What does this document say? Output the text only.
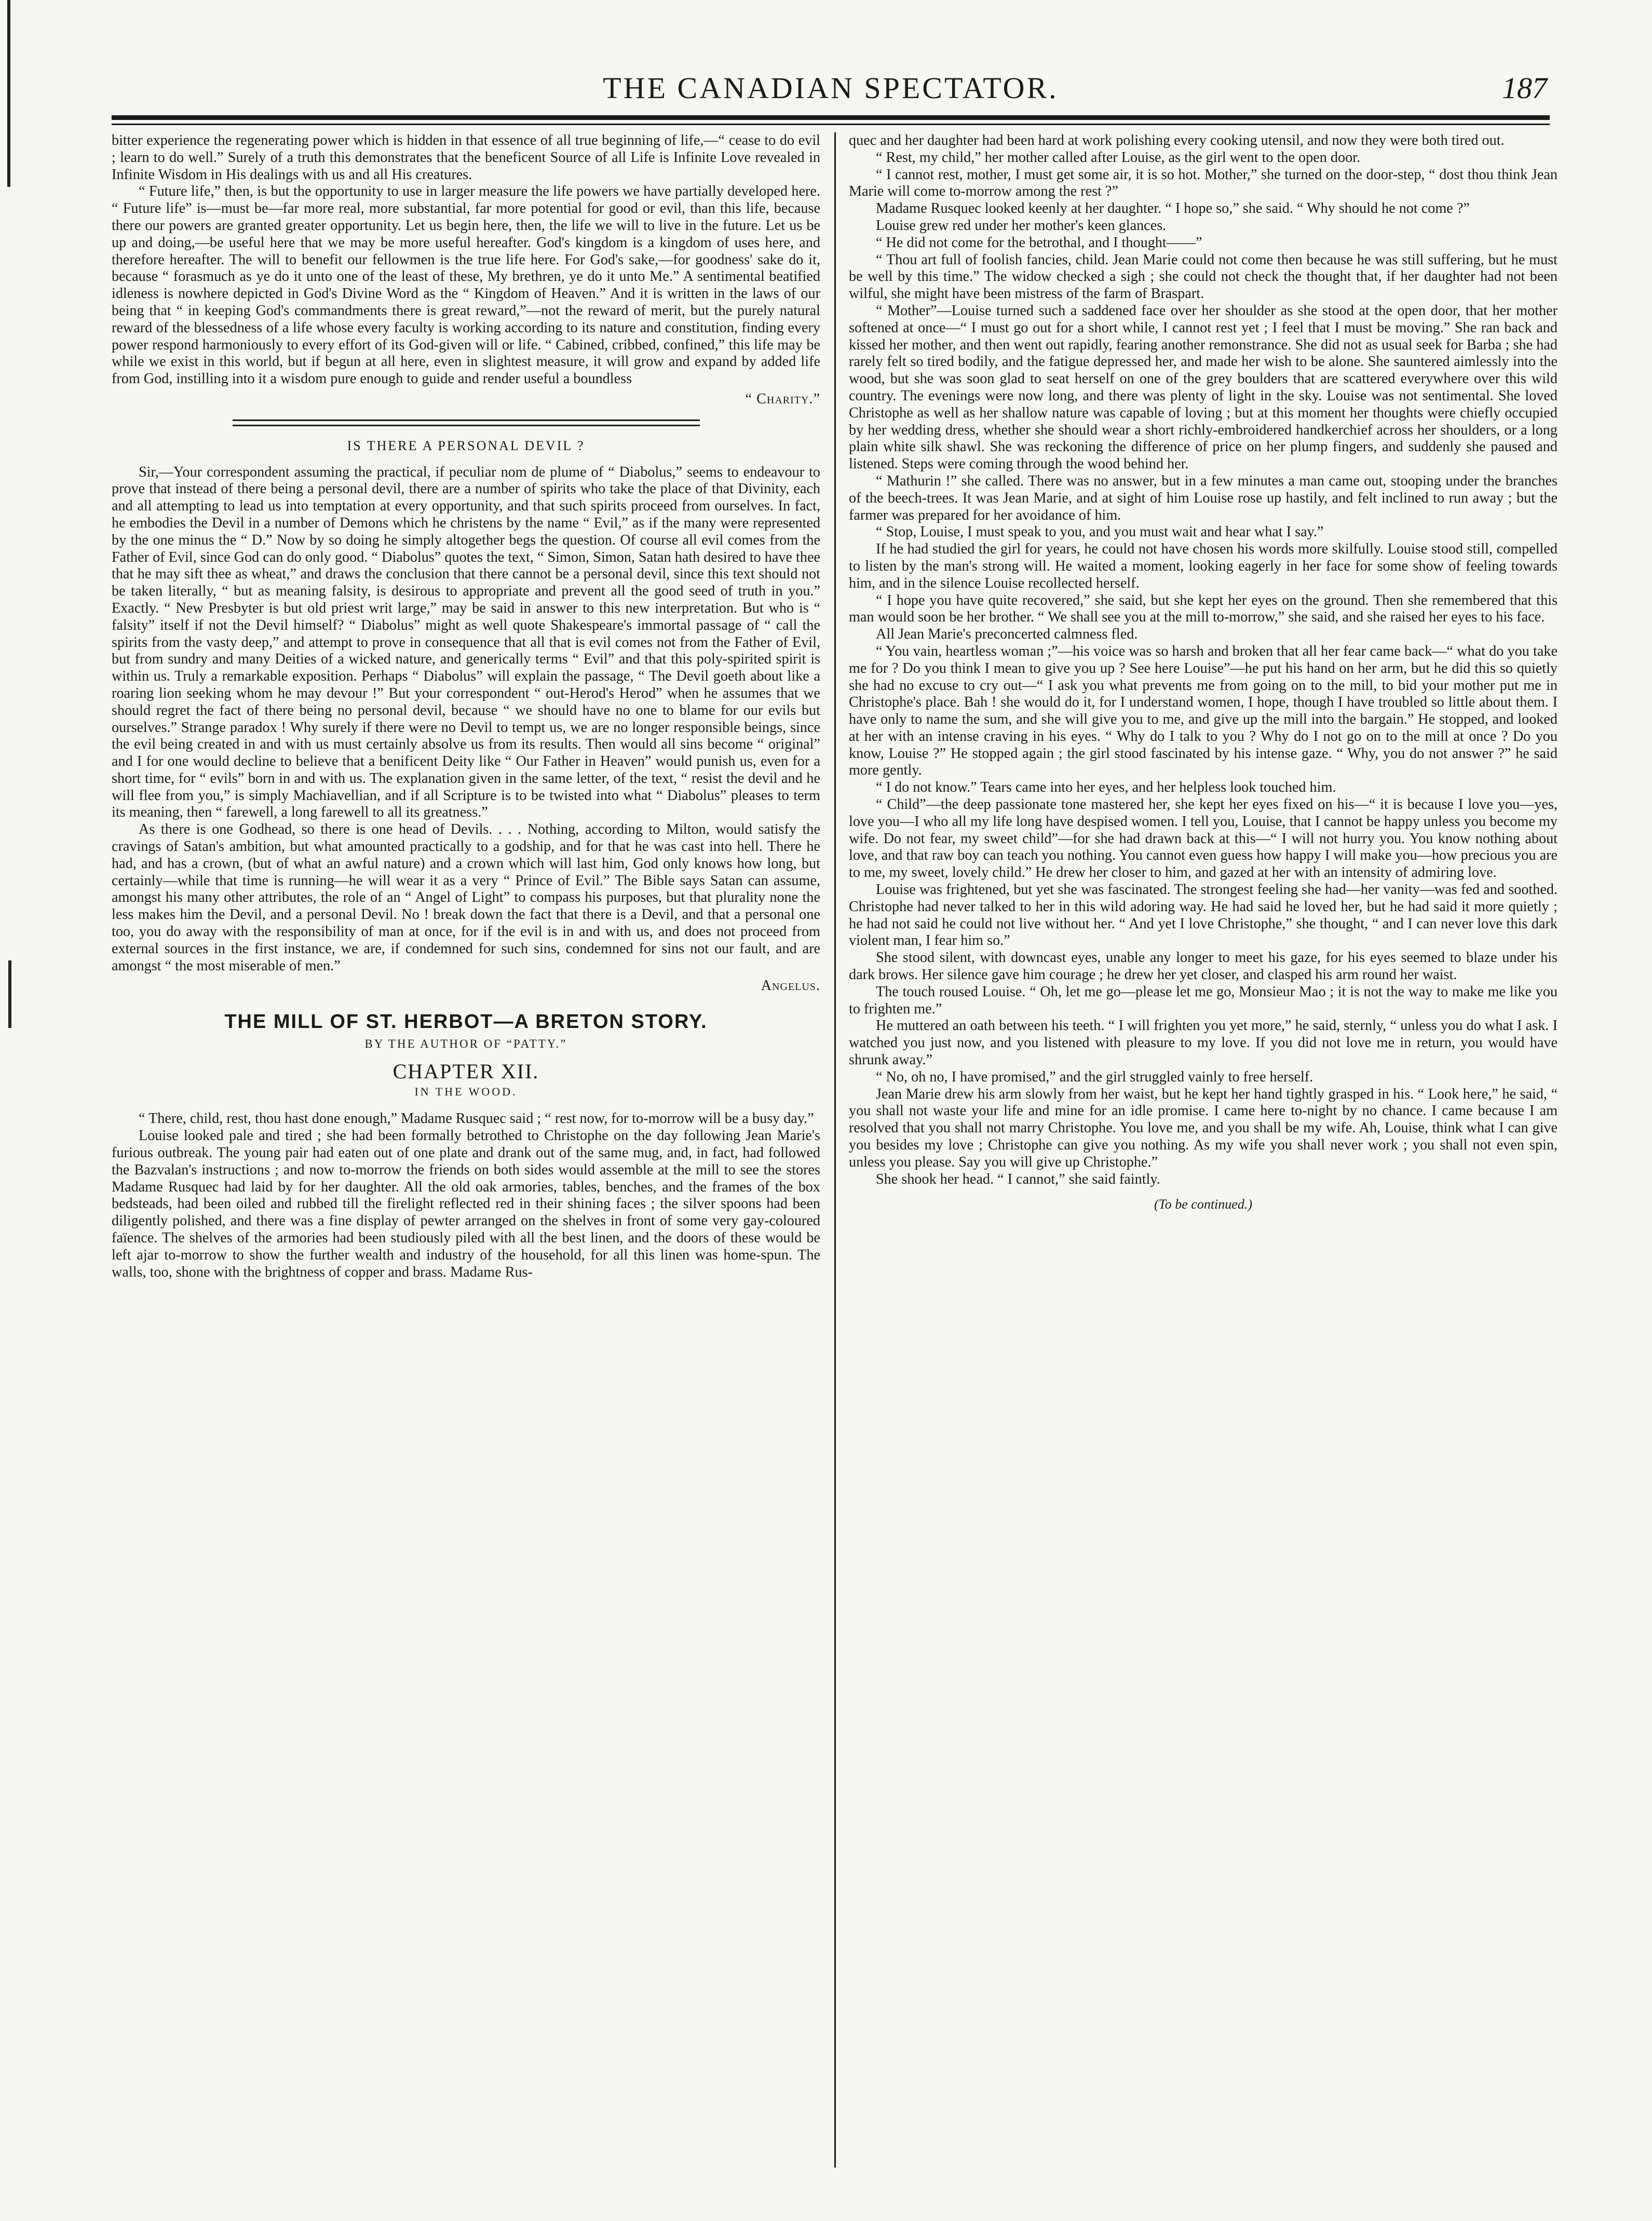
THE CANADIAN SPECTATOR.	187

bitter experience the regenerating power which is hidden in that essence of all true beginning of life,—“ cease to do evil ; learn to do well.” Surely of a truth this demonstrates that the beneficent Source of all Life is Infinite Love revealed in Infinite Wisdom in His dealings with us and all His creatures.

“ Future life,” then, is but the opportunity to use in larger measure the life powers we have partially developed here. “ Future life” is—must be—far more real, more substantial, far more potential for good or evil, than this life, because there our powers are granted greater opportunity. Let us begin here, then, the life we will to live in the future. Let us be up and doing,—be useful here that we may be more useful hereafter. God's kingdom is a kingdom of uses here, and therefore hereafter. The will to benefit our fellowmen is the true life here. For God's sake,—for goodness' sake do it, because “ forasmuch as ye do it unto one of the least of these, My brethren, ye do it unto Me.” A sentimental beatified idleness is nowhere depicted in God's Divine Word as the “ Kingdom of Heaven.” And it is written in the laws of our being that “ in keeping God's commandments there is great reward,”—not the reward of merit, but the purely natural reward of the blessedness of a life whose every faculty is working according to its nature and constitution, finding every power respond harmoniously to every effort of its God-given will or life. “ Cabined, cribbed, confined,” this life may be while we exist in this world, but if begun at all here, even in slightest measure, it will grow and expand by added life from God, instilling into it a wisdom pure enough to guide and render useful a boundless

“ Charity.”

IS THERE A PERSONAL DEVIL ?

Sir,—Your correspondent assuming the practical, if peculiar nom de plume of “ Diabolus,” seems to endeavour to prove that instead of there being a personal devil, there are a number of spirits who take the place of that Divinity, each and all attempting to lead us into temptation at every opportunity, and that such spirits proceed from ourselves. In fact, he embodies the Devil in a number of Demons which he christens by the name “ Evil,” as if the many were represented by the one minus the “ D.” Now by so doing he simply altogether begs the question. Of course all evil comes from the Father of Evil, since God can do only good. “ Diabolus” quotes the text, “ Simon, Simon, Satan hath desired to have thee that he may sift thee as wheat,” and draws the conclusion that there cannot be a personal devil, since this text should not be taken literally, “ but as meaning falsity, is desirous to appropriate and prevent all the good seed of truth in you.” Exactly. “ New Presbyter is but old priest writ large,” may be said in answer to this new interpretation. But who is “ falsity” itself if not the Devil himself? “ Diabolus” might as well quote Shakespeare's immortal passage of “ call the spirits from the vasty deep,” and attempt to prove in consequence that all that is evil comes not from the Father of Evil, but from sundry and many Deities of a wicked nature, and generically terms “ Evil” and that this poly-spirited spirit is within us. Truly a remarkable exposition. Perhaps “ Diabolus” will explain the passage, “ The Devil goeth about like a roaring lion seeking whom he may devour !” But your correspondent “ out-Herod's Herod” when he assumes that we should regret the fact of there being no personal devil, because “ we should have no one to blame for our evils but ourselves.” Strange paradox ! Why surely if there were no Devil to tempt us, we are no longer responsible beings, since the evil being created in and with us must certainly absolve us from its results. Then would all sins become “ original” and I for one would decline to believe that a benificent Deity like “ Our Father in Heaven” would punish us, even for a short time, for “ evils” born in and with us. The explanation given in the same letter, of the text, “ resist the devil and he will flee from you,” is simply Machiavellian, and if all Scripture is to be twisted into what “ Diabolus” pleases to term its meaning, then “ farewell, a long farewell to all its greatness.”

As there is one Godhead, so there is one head of Devils. . . . Nothing, according to Milton, would satisfy the cravings of Satan's ambition, but what amounted practically to a godship, and for that he was cast into hell. There he had, and has a crown, (but of what an awful nature) and a crown which will last him, God only knows how long, but certainly—while that time is running—he will wear it as a very “ Prince of Evil.” The Bible says Satan can assume, amongst his many other attributes, the role of an “ Angel of Light” to compass his purposes, but that plurality none the less makes him the Devil, and a personal Devil. No ! break down the fact that there is a Devil, and that a personal one too, you do away with the responsibility of man at once, for if the evil is in and with us, and does not proceed from external sources in the first instance, we are, if condemned for such sins, condemned for sins not our fault, and are amongst “ the most miserable of men.”

Angelus.

THE MILL OF ST. HERBOT—A BRETON STORY.
BY THE AUTHOR OF “PATTY.”
CHAPTER XII.
IN THE WOOD.

“ There, child, rest, thou hast done enough,” Madame Rusquec said ; “ rest now, for to-morrow will be a busy day.”

Louise looked pale and tired ; she had been formally betrothed to Christophe on the day following Jean Marie's furious outbreak. The young pair had eaten out of one plate and drank out of the same mug, and, in fact, had followed the Bazvalan's instructions ; and now to-morrow the friends on both sides would assemble at the mill to see the stores Madame Rusquec had laid by for her daughter. All the old oak armories, tables, benches, and the frames of the box bedsteads, had been oiled and rubbed till the firelight reflected red in their shining faces ; the silver spoons had been diligently polished, and there was a fine display of pewter arranged on the shelves in front of some very gay-coloured faïence. The shelves of the armories had been studiously piled with all the best linen, and the doors of these would be left ajar to-morrow to show the further wealth and industry of the household, for all this linen was home-spun. The walls, too, shone with the brightness of copper and brass. Madame Rus-

quec and her daughter had been hard at work polishing every cooking utensil, and now they were both tired out.

“ Rest, my child,” her mother called after Louise, as the girl went to the open door.

“ I cannot rest, mother, I must get some air, it is so hot. Mother,” she turned on the door-step, “ dost thou think Jean Marie will come to-morrow among the rest ?”

Madame Rusquec looked keenly at her daughter. “ I hope so,” she said. “ Why should he not come ?”

Louise grew red under her mother's keen glances.

“ He did not come for the betrothal, and I thought——”

“ Thou art full of foolish fancies, child. Jean Marie could not come then because he was still suffering, but he must be well by this time.” The widow checked a sigh ; she could not check the thought that, if her daughter had not been wilful, she might have been mistress of the farm of Braspart.

“ Mother”—Louise turned such a saddened face over her shoulder as she stood at the open door, that her mother softened at once—“ I must go out for a short while, I cannot rest yet ; I feel that I must be moving.” She ran back and kissed her mother, and then went out rapidly, fearing another remonstrance. She did not as usual seek for Barba ; she had rarely felt so tired bodily, and the fatigue depressed her, and made her wish to be alone. She sauntered aimlessly into the wood, but she was soon glad to seat herself on one of the grey boulders that are scattered everywhere over this wild country. The evenings were now long, and there was plenty of light in the sky. Louise was not sentimental. She loved Christophe as well as her shallow nature was capable of loving ; but at this moment her thoughts were chiefly occupied by her wedding dress, whether she should wear a short richly-embroidered handkerchief across her shoulders, or a long plain white silk shawl. She was reckoning the difference of price on her plump fingers, and suddenly she paused and listened. Steps were coming through the wood behind her.

“ Mathurin !” she called. There was no answer, but in a few minutes a man came out, stooping under the branches of the beech-trees. It was Jean Marie, and at sight of him Louise rose up hastily, and felt inclined to run away ; but the farmer was prepared for her avoidance of him.

“ Stop, Louise, I must speak to you, and you must wait and hear what I say.”

If he had studied the girl for years, he could not have chosen his words more skilfully. Louise stood still, compelled to listen by the man's strong will. He waited a moment, looking eagerly in her face for some show of feeling towards him, and in the silence Louise recollected herself.

“ I hope you have quite recovered,” she said, but she kept her eyes on the ground. Then she remembered that this man would soon be her brother. “ We shall see you at the mill to-morrow,” she said, and she raised her eyes to his face.

All Jean Marie's preconcerted calmness fled.

“ You vain, heartless woman ;”—his voice was so harsh and broken that all her fear came back—“ what do you take me for ? Do you think I mean to give you up ? See here Louise”—he put his hand on her arm, but he did this so quietly she had no excuse to cry out—“ I ask you what prevents me from going on to the mill, to bid your mother put me in Christophe's place. Bah ! she would do it, for I understand women, I hope, though I have troubled so little about them. I have only to name the sum, and she will give you to me, and give up the mill into the bargain.” He stopped, and looked at her with an intense craving in his eyes. “ Why do I talk to you ? Why do I not go on to the mill at once ? Do you know, Louise ?” He stopped again ; the girl stood fascinated by his intense gaze. “ Why, you do not answer ?” he said more gently.

“ I do not know.” Tears came into her eyes, and her helpless look touched him.

“ Child”—the deep passionate tone mastered her, she kept her eyes fixed on his—“ it is because I love you—yes, love you—I who all my life long have despised women. I tell you, Louise, that I cannot be happy unless you become my wife. Do not fear, my sweet child”—for she had drawn back at this—“ I will not hurry you. You know nothing about love, and that raw boy can teach you nothing. You cannot even guess how happy I will make you—how precious you are to me, my sweet, lovely child.” He drew her closer to him, and gazed at her with an intensity of admiring love.

Louise was frightened, but yet she was fascinated. The strongest feeling she had—her vanity—was fed and soothed. Christophe had never talked to her in this wild adoring way. He had said he loved her, but he had said it more quietly ; he had not said he could not live without her. “ And yet I love Christophe,” she thought, “ and I can never love this dark violent man, I fear him so.”

She stood silent, with downcast eyes, unable any longer to meet his gaze, for his eyes seemed to blaze under his dark brows. Her silence gave him courage ; he drew her yet closer, and clasped his arm round her waist.

The touch roused Louise. “ Oh, let me go—please let me go, Monsieur Mao ; it is not the way to make me like you to frighten me.”

He muttered an oath between his teeth. “ I will frighten you yet more,” he said, sternly, “ unless you do what I ask. I watched you just now, and you listened with pleasure to my love. If you did not love me in return, you would have shrunk away.”

“ No, oh no, I have promised,” and the girl struggled vainly to free herself.

Jean Marie drew his arm slowly from her waist, but he kept her hand tightly grasped in his. “ Look here,” he said, “ you shall not waste your life and mine for an idle promise. I came here to-night by no chance. I came because I am resolved that you shall not marry Christophe. You love me, and you shall be my wife. Ah, Louise, think what I can give you besides my love ; Christophe can give you nothing. As my wife you shall never work ; you shall not even spin, unless you please. Say you will give up Christophe.”

She shook her head. “ I cannot,” she said faintly.

(To be continued.)
